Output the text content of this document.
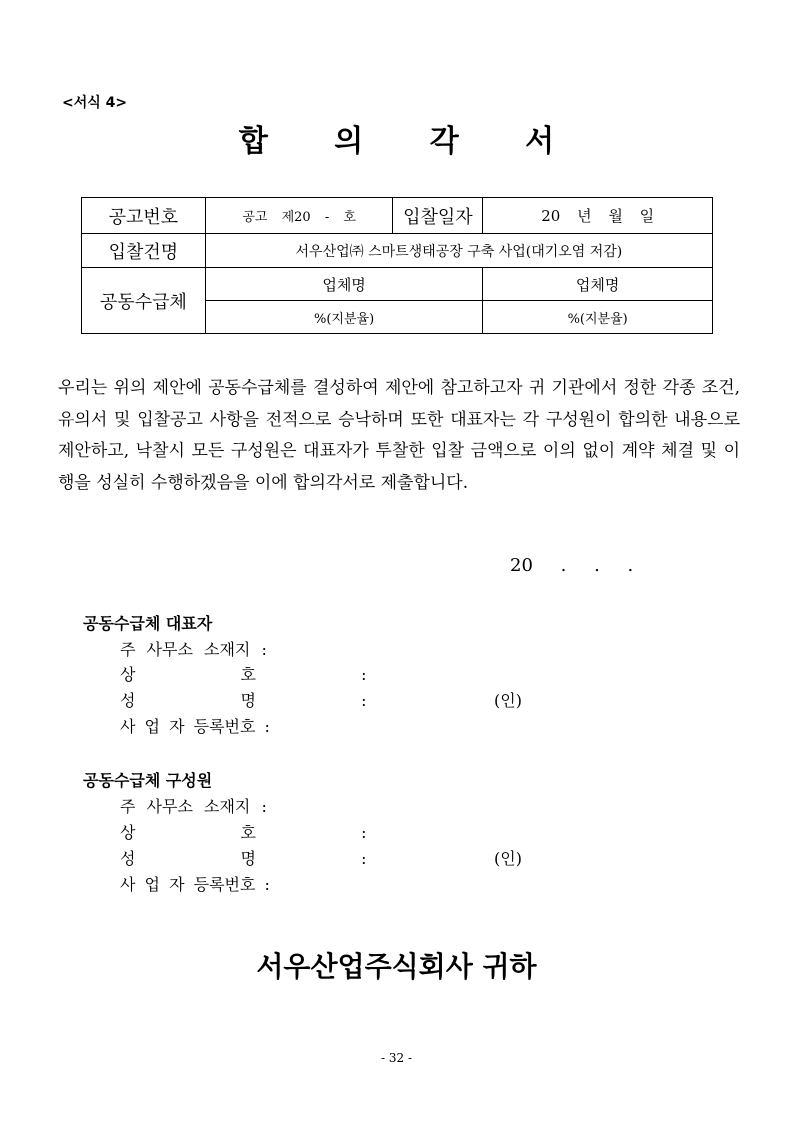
<서식 4>
합 의 각 서
공고번호	공고 제20 - 호	입찰일자	20 년 월 일
입찰건명	서우산업㈜ 스마트생태공장 구축 사업(대기오염 저감)		
공동수급체	업체명		업체명
	%(지분율)		%(지분율)
우리는 위의 제안에 공동수급체를 결성하여 제안에 참고하고자 귀 기관에서 정한 각종 조건, 유의서 및 입찰공고 사항을 전적으로 승낙하며 또한 대표자는 각 구성원이 합의한 내용으로 제안하고, 낙찰시 모든 구성원은 대표자가 투찰한 입찰 금액으로 이의 없이 계약 체결 및 이행을 성실히 수행하겠음을 이에 합의각서로 제출합니다.
20 . . .
공동수급체 대표자
주 사무소 소재지 :
상 호 :
성 명 :	(인)
사 업 자 등록번호 :
공동수급체 구성원
주 사무소 소재지 :
상 호 :
성 명 :	(인)
사 업 자 등록번호 :
서우산업주식회사 귀하
- 32 -
